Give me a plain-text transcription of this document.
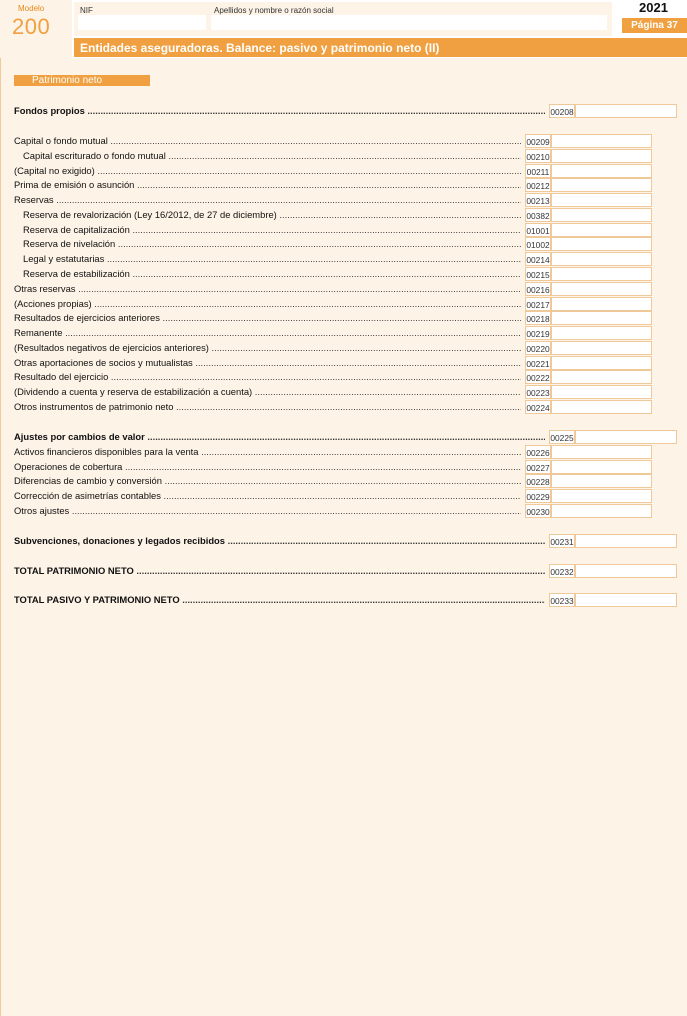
Modelo
200
NIF	Apellidos y nombre o razón social	2021
Página 37
Entidades aseguradoras. Balance: pasivo y patrimonio neto (II)
Patrimonio neto
Fondos propios .....	00208
Capital o fondo mutual .....	00209
Capital escriturado o fondo mutual .....	00210
(Capital no exigido) .....	00211
Prima de emisión o asunción .....	00212
Reservas .....	00213
Reserva de revalorización (Ley 16/2012, de 27 de diciembre) .....	00382
Reserva de capitalización .....	01001
Reserva de nivelación .....	01002
Legal y estatutarias .....	00214
Reserva de estabilización .....	00215
Otras reservas .....	00216
(Acciones propias) .....	00217
Resultados de ejercicios anteriores .....	00218
Remanente .....	00219
(Resultados negativos de ejercicios anteriores) .....	00220
Otras aportaciones de socios y mutualistas .....	00221
Resultado del ejercicio .....	00222
(Dividendo a cuenta y reserva de estabilización a cuenta) .....	00223
Otros instrumentos de patrimonio neto .....	00224
Ajustes por cambios de valor .....	00225
Activos financieros disponibles para la venta .....	00226
Operaciones de cobertura .....	00227
Diferencias de cambio y conversión .....	00228
Corrección de asimetrías contables .....	00229
Otros ajustes .....	00230
Subvenciones, donaciones y legados recibidos .....	00231
TOTAL PATRIMONIO NETO .....	00232
TOTAL PASIVO Y PATRIMONIO NETO .....	00233
